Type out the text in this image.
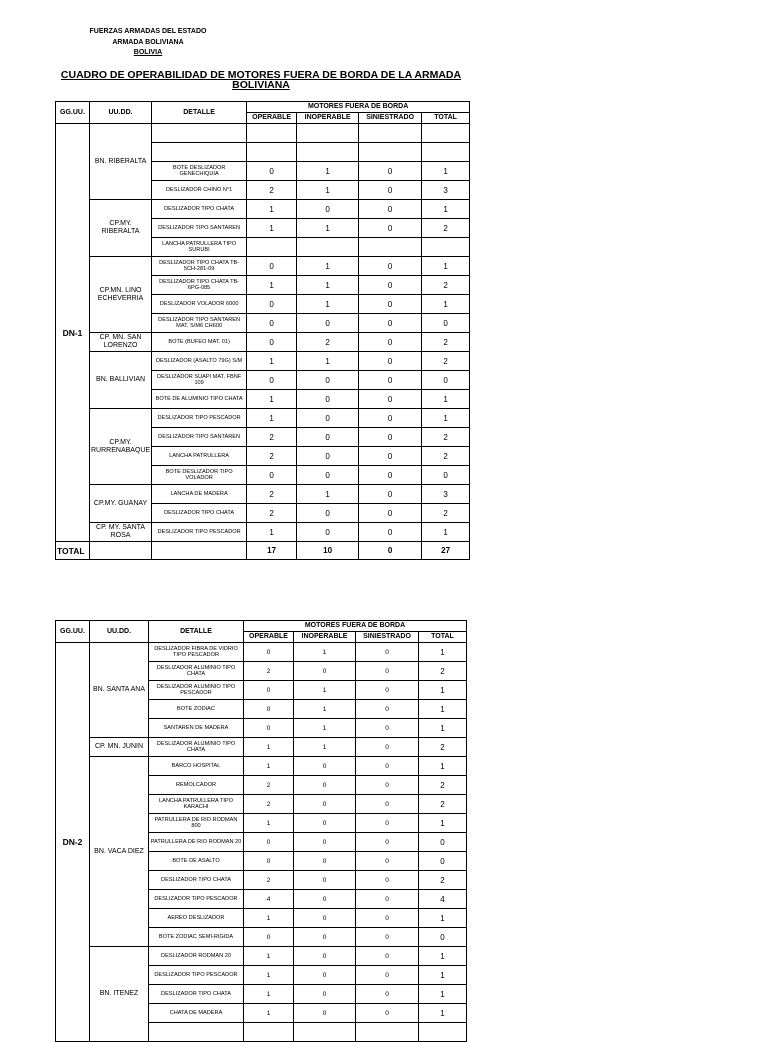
FUERZAS ARMADAS DEL ESTADO
ARMADA BOLIVIANA
BOLIVIA
CUADRO DE OPERABILIDAD DE MOTORES FUERA DE BORDA DE LA ARMADA BOLIVIANA
GG.UU.	UU.DD.	DETALLE	MOTORES FUERA DE BORDA			
			OPERABLE	INOPERABLE	SINIESTRADO	TOTAL
DN-1	BN. RIBERALTA					

		BOTE DESLIZADOR GENECHIQUIA	0	1	0	1
		DESLIZADOR CHINO N°1	2	1	0	3
	CP.MY. RIBERALTA	DESLIZADOR TIPO CHATA	1	0	0	1
		DESLIZADOR TIPO SANTAREN	1	1	0	2
		LANCHA PATRULLERA TIPO SURUBI				
	CP.MN. LINO ECHEVERRIA	DESLIZADOR TIPO CHATA TB-5CH-281-09	0	1	0	1
		DESLIZADOR TIPO CHATA TB-6PG-085	1	1	0	2
		DESLIZADOR VOLADOR 6000	0	1	0	1
		DESLIZADOR TIPO SANTAREN MAT. S/M6 CH600	0	0	0	0
	CP. MN. SAN LORENZO	BOTE (BUFEO MAT. 01)	0	2	0	2
	BN. BALLIVIAN	DESLIZADOR (ASALTO 79G) S/M	1	1	0	2
		DESLIZADOR SUAPI MAT. FBNF 109	0	0	0	0
		BOTE DE ALUMINIO TIPO CHATA	1	0	0	1
	CP.MY. RURRENABAQUE	DESLIZADOR TIPO PESCADOR	1	0	0	1
		DESLIZADOR TIPO SANTAREN	2	0	0	2
		LANCHA PATRULLERA	2	0	0	2
		BOTE DESLIZADOR TIPO VOLADOR	0	0	0	0
	CP.MY. GUANAY	LANCHA DE MADERA	2	1	0	3
		DESLIZADOR TIPO CHATA	2	0	0	2
	CP. MY. SANTA ROSA	DESLIZADOR TIPO PESCADOR	1	0	0	1
TOTAL			17	10	0	27
GG.UU.	UU.DD.	DETALLE	MOTORES FUERA DE BORDA			
			OPERABLE	INOPERABLE	SINIESTRADO	TOTAL
DN-2	BN. SANTA ANA	DESLIZADOR FIBRA DE VIDRIO TIPO PESCADOR	0	1	0	1
		DESLIZADOR ALUMINIO TIPO CHATA	2	0	0	2
		DESLIZADOR ALUMINIO TIPO PESCADOR	0	1	0	1
		BOTE ZODIAC	0	1	0	1
		SANTAREN DE MADERA	0	1	0	1
	CP. MN. JUNIN	DESLIZADOR ALUMINIO TIPO CHATA	1	1	0	2
	BN. VACA DIEZ	BARCO HOSPITAL	1	0	0	1
		REMOLCADOR	2	0	0	2
		LANCHA PATRULLERA TIPO KARACHI	2	0	0	2
		PATRULLERA DE RIO RODMAN 800	1	0	0	1
		PATRULLERA DE RIO RODMAN 20	0	0	0	0
		BOTE DE ASALTO	0	0	0	0
		DESLIZADOR TIPO CHATA	2	0	0	2
		DESLIZADOR TIPO PESCADOR	4	0	0	4
		AEREO DESLIZADOR	1	0	0	1
		BOTE ZODIAC SEMI-RIGIDA	0	0	0	0
	BN. ITENEZ	DESLIZADOR RODMAN 20	1	0	0	1
		DESLIZADOR TIPO PESCADOR	1	0	0	1
		DESLIZADOR TIPO CHATA	1	0	0	1
		CHATA DE MADERA	1	0	0	1
